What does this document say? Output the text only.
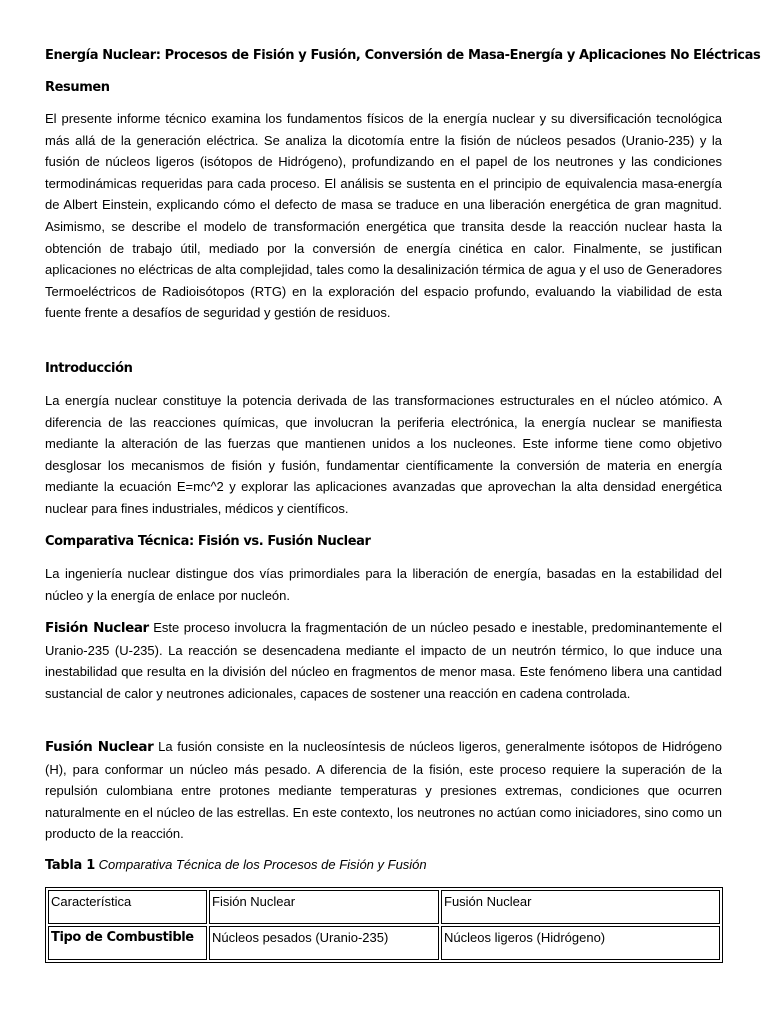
Energía Nuclear: Procesos de Fisión y Fusión, Conversión de Masa-Energía y Aplicaciones No Eléctricas
Resumen

El presente informe técnico examina los fundamentos físicos de la energía nuclear y su diversificación tecnológica más allá de la generación eléctrica. Se analiza la dicotomía entre la fisión de núcleos pesados (Uranio-235) y la fusión de núcleos ligeros (isótopos de Hidrógeno), profundizando en el papel de los neutrones y las condiciones termodinámicas requeridas para cada proceso. El análisis se sustenta en el principio de equivalencia masa-energía de Albert Einstein, explicando cómo el defecto de masa se traduce en una liberación energética de gran magnitud. Asimismo, se describe el modelo de transformación energética que transita desde la reacción nuclear hasta la obtención de trabajo útil, mediado por la conversión de energía cinética en calor. Finalmente, se justifican aplicaciones no eléctricas de alta complejidad, tales como la desalinización térmica de agua y el uso de Generadores Termoeléctricos de Radioisótopos (RTG) en la exploración del espacio profundo, evaluando la viabilidad de esta fuente frente a desafíos de seguridad y gestión de residuos.

Introducción

La energía nuclear constituye la potencia derivada de las transformaciones estructurales en el núcleo atómico. A diferencia de las reacciones químicas, que involucran la periferia electrónica, la energía nuclear se manifiesta mediante la alteración de las fuerzas que mantienen unidos a los nucleones. Este informe tiene como objetivo desglosar los mecanismos de fisión y fusión, fundamentar científicamente la conversión de materia en energía mediante la ecuación E=mc^2 y explorar las aplicaciones avanzadas que aprovechan la alta densidad energética nuclear para fines industriales, médicos y científicos.

Comparativa Técnica: Fisión vs. Fusión Nuclear

La ingeniería nuclear distingue dos vías primordiales para la liberación de energía, basadas en la estabilidad del núcleo y la energía de enlace por nucleón.

Fisión Nuclear Este proceso involucra la fragmentación de un núcleo pesado e inestable, predominantemente el Uranio-235 (U-235). La reacción se desencadena mediante el impacto de un neutrón térmico, lo que induce una inestabilidad que resulta en la división del núcleo en fragmentos de menor masa. Este fenómeno libera una cantidad sustancial de calor y neutrones adicionales, capaces de sostener una reacción en cadena controlada.

Fusión Nuclear La fusión consiste en la nucleosíntesis de núcleos ligeros, generalmente isótopos de Hidrógeno (H), para conformar un núcleo más pesado. A diferencia de la fisión, este proceso requiere la superación de la repulsión culombiana entre protones mediante temperaturas y presiones extremas, condiciones que ocurren naturalmente en el núcleo de las estrellas. En este contexto, los neutrones no actúan como iniciadores, sino como un producto de la reacción.

Tabla 1 Comparativa Técnica de los Procesos de Fisión y Fusión
Característica	Fisión Nuclear	Fusión Nuclear
Tipo de Combustible	Núcleos pesados (Uranio-235)	Núcleos ligeros (Hidrógeno)
